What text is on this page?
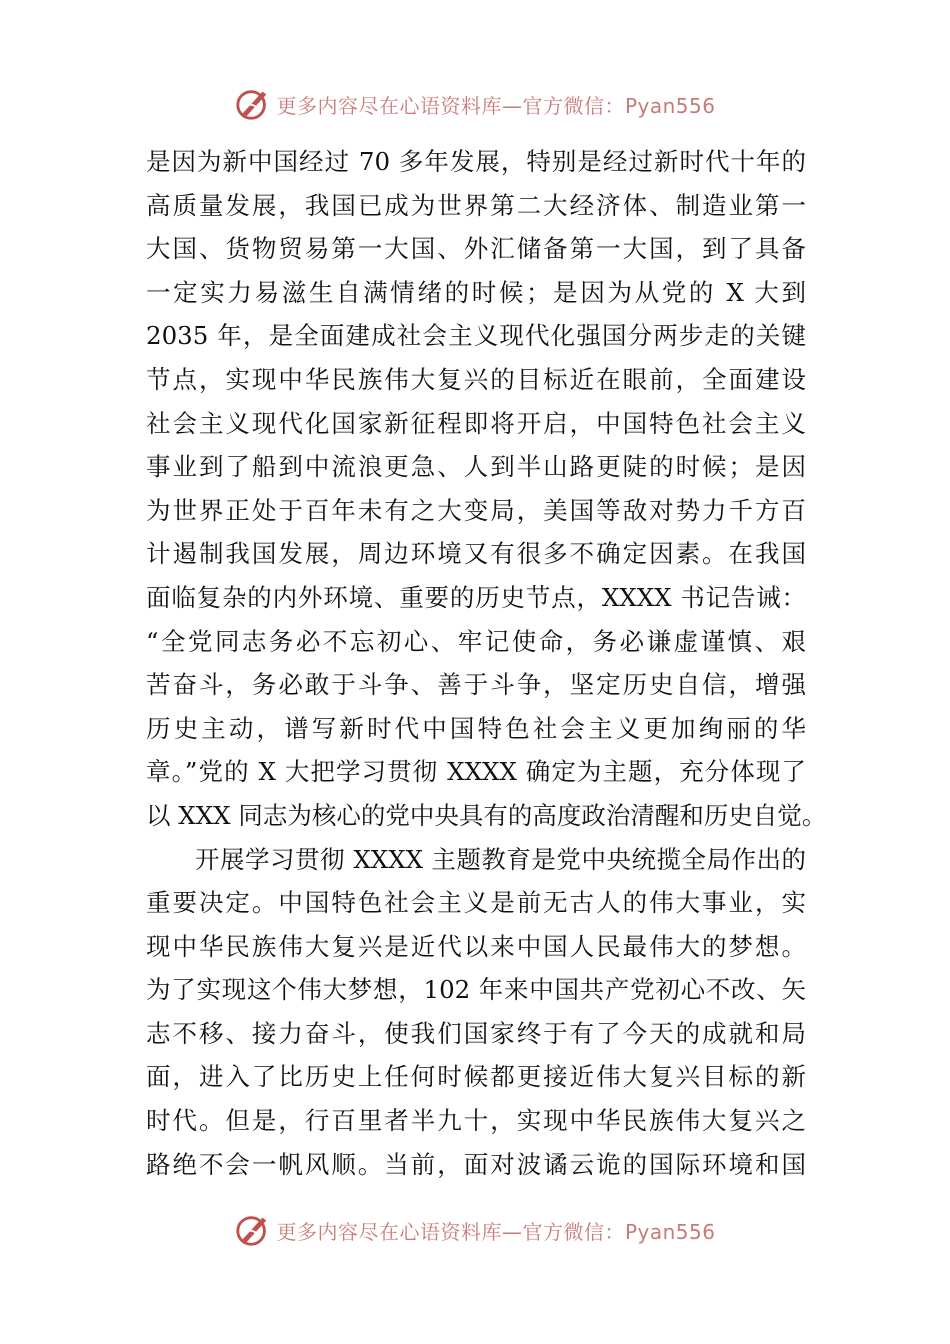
更多内容尽在心语资料库—官方微信：Pyan556
是因为新中国经过 70 多年发展，特别是经过新时代十年的
高质量发展，我国已成为世界第二大经济体、制造业第一
大国、货物贸易第一大国、外汇储备第一大国，到了具备
一定实力易滋生自满情绪的时候；是因为从党的 X 大到
2035 年，是全面建成社会主义现代化强国分两步走的关键
节点，实现中华民族伟大复兴的目标近在眼前，全面建设
社会主义现代化国家新征程即将开启，中国特色社会主义
事业到了船到中流浪更急、人到半山路更陡的时候；是因
为世界正处于百年未有之大变局，美国等敌对势力千方百
计遏制我国发展，周边环境又有很多不确定因素。在我国
面临复杂的内外环境、重要的历史节点，XXXX 书记告诫：
“全党同志务必不忘初心、牢记使命，务必谦虚谨慎、艰
苦奋斗，务必敢于斗争、善于斗争，坚定历史自信，增强
历史主动，谱写新时代中国特色社会主义更加绚丽的华
章。”党的 X 大把学习贯彻 XXXX 确定为主题，充分体现了
以 XXX 同志为核心的党中央具有的高度政治清醒和历史自觉。
开展学习贯彻 XXXX 主题教育是党中央统揽全局作出的
重要决定。中国特色社会主义是前无古人的伟大事业，实
现中华民族伟大复兴是近代以来中国人民最伟大的梦想。
为了实现这个伟大梦想，102 年来中国共产党初心不改、矢
志不移、接力奋斗，使我们国家终于有了今天的成就和局
面，进入了比历史上任何时候都更接近伟大复兴目标的新
时代。但是，行百里者半九十，实现中华民族伟大复兴之
路绝不会一帆风顺。当前，面对波谲云诡的国际环境和国
更多内容尽在心语资料库—官方微信：Pyan556
